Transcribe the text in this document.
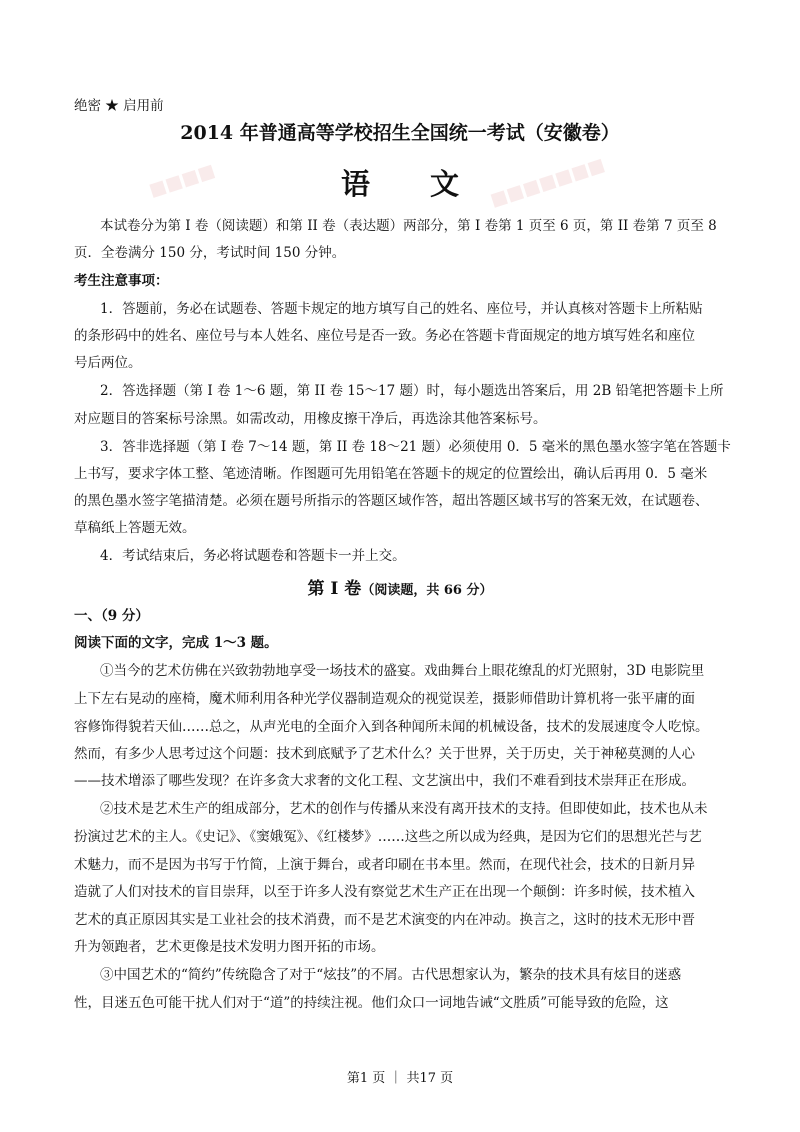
■■■■	■■■■■■■
绝密 ★ 启用前
2014 年普通高等学校招生全国统一考试（安徽卷）
语 文
本试卷分为第 I 卷（阅读题）和第 II 卷（表达题）两部分，第 I 卷第 1 页至 6 页，第 II 卷第 7 页至 8
页．全卷满分 150 分，考试时间 150 分钟。
考生注意事项：
1．答题前，务必在试题卷、答题卡规定的地方填写自己的姓名、座位号，并认真核对答题卡上所粘贴
的条形码中的姓名、座位号与本人姓名、座位号是否一致。务必在答题卡背面规定的地方填写姓名和座位
号后两位。
2．答选择题（第 I 卷 1～6 题，第 II 卷 15～17 题）时，每小题选出答案后，用 2B 铅笔把答题卡上所
对应题目的答案标号涂黑。如需改动，用橡皮擦干净后，再选涂其他答案标号。
3．答非选择题（第 I 卷 7～14 题，第 II 卷 18～21 题）必须使用 0．5 毫米的黑色墨水签字笔在答题卡
上书写，要求字体工整、笔迹清晰。作图题可先用铅笔在答题卡的规定的位置绘出，确认后再用 0．5 毫米
的黑色墨水签字笔描清楚。必须在题号所指示的答题区域作答，超出答题区域书写的答案无效，在试题卷、
草稿纸上答题无效。
4．考试结束后，务必将试题卷和答题卡一并上交。
第 I 卷（阅读题，共 66 分）
一、（9 分）
阅读下面的文字，完成 1～3 题。
①当今的艺术仿佛在兴致勃勃地享受一场技术的盛宴。戏曲舞台上眼花缭乱的灯光照射，3D 电影院里
上下左右晃动的座椅，魔术师利用各种光学仪器制造观众的视觉误差，摄影师借助计算机将一张平庸的面
容修饰得貌若天仙……总之，从声光电的全面介入到各种闻所未闻的机械设备，技术的发展速度令人吃惊。
然而，有多少人思考过这个问题：技术到底赋予了艺术什么？关于世界，关于历史，关于神秘莫测的人心
——技术增添了哪些发现？在许多贪大求奢的文化工程、文艺演出中，我们不难看到技术崇拜正在形成。
②技术是艺术生产的组成部分，艺术的创作与传播从来没有离开技术的支持。但即使如此，技术也从未
扮演过艺术的主人。《史记》、《窦娥冤》、《红楼梦》……这些之所以成为经典，是因为它们的思想光芒与艺
术魅力，而不是因为书写于竹简，上演于舞台，或者印刷在书本里。然而，在现代社会，技术的日新月异
造就了人们对技术的盲目崇拜，以至于许多人没有察觉艺术生产正在出现一个颠倒：许多时候，技术植入
艺术的真正原因其实是工业社会的技术消费，而不是艺术演变的内在冲动。换言之，这时的技术无形中晋
升为领跑者，艺术更像是技术发明力图开拓的市场。
③中国艺术的“简约”传统隐含了对于“炫技”的不屑。古代思想家认为，繁杂的技术具有炫目的迷惑
性，目迷五色可能干扰人们对于“道”的持续注视。他们众口一词地告诫“文胜质”可能导致的危险，这
第1 页 ｜ 共17 页
